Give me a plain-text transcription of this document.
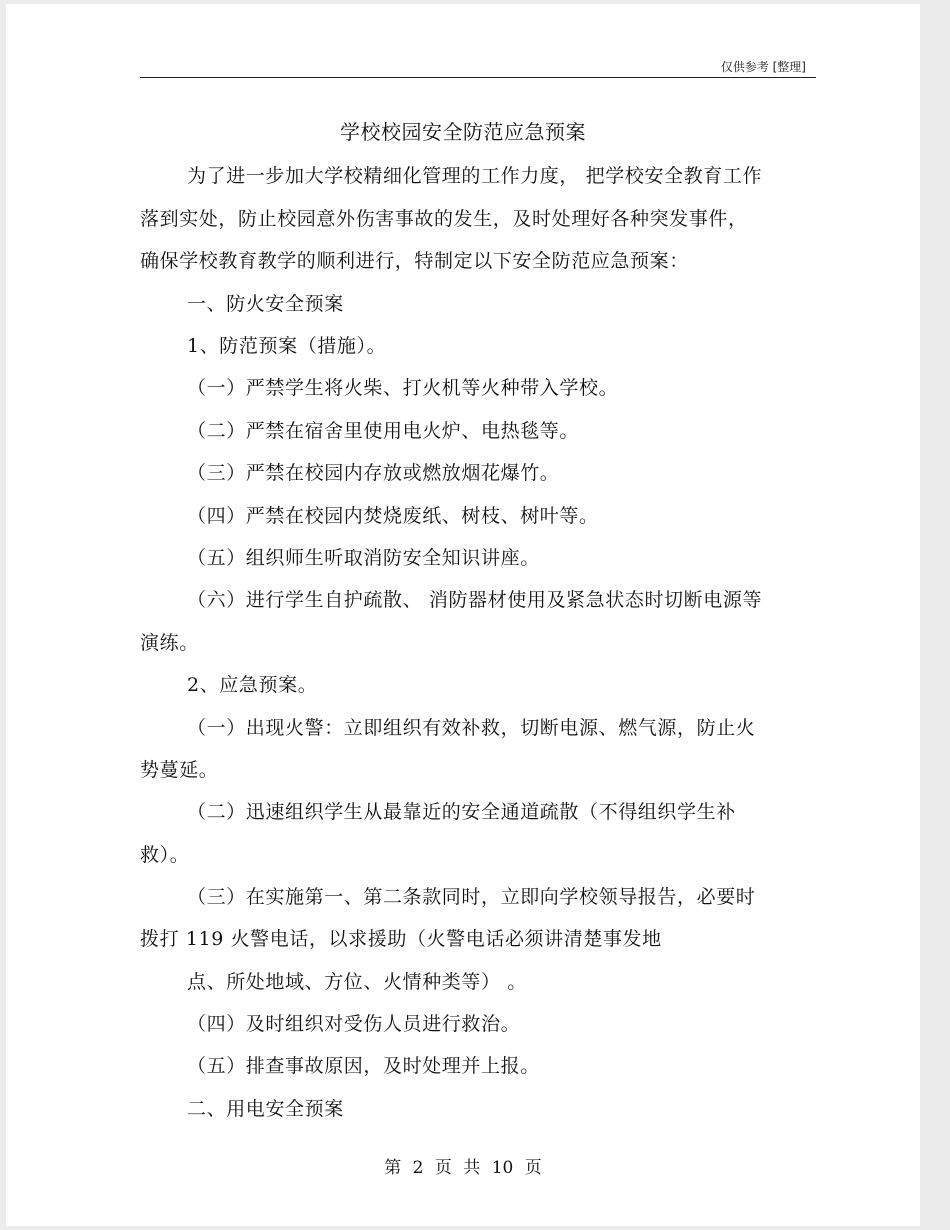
仅供参考 [整理]
学校校园安全防范应急预案
为了进一步加大学校精细化管理的工作力度， 把学校安全教育工作
落到实处，防止校园意外伤害事故的发生，及时处理好各种突发事件，
确保学校教育教学的顺利进行，特制定以下安全防范应急预案：
一、防火安全预案
1、防范预案（措施）。
（一）严禁学生将火柴、打火机等火种带入学校。
（二）严禁在宿舍里使用电火炉、电热毯等。
（三）严禁在校园内存放或燃放烟花爆竹。
（四）严禁在校园内焚烧废纸、树枝、树叶等。
（五）组织师生听取消防安全知识讲座。
（六）进行学生自护疏散、 消防器材使用及紧急状态时切断电源等
演练。
2、应急预案。
（一）出现火警：立即组织有效补救，切断电源、燃气源，防止火
势蔓延。
（二）迅速组织学生从最靠近的安全通道疏散（不得组织学生补
救）。
（三）在实施第一、第二条款同时，立即向学校领导报告，必要时
拨打 119 火警电话，以求援助（火警电话必须讲清楚事发地
点、所处地域、方位、火情种类等） 。
（四）及时组织对受伤人员进行救治。
（五）排查事故原因，及时处理并上报。
二、用电安全预案
第 2 页 共 10 页
